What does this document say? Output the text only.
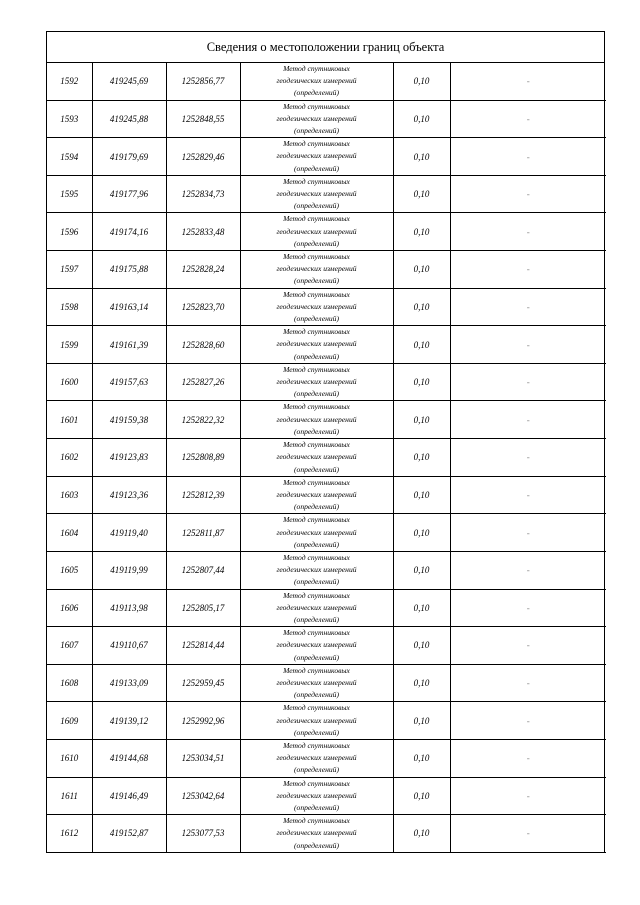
Сведения о местоположении границ объекта
1592	419245,69	1252856,77	Метод спутниковых
геодезических измерений
(определений)	0,10	-
1593	419245,88	1252848,55	Метод спутниковых
геодезических измерений
(определений)	0,10	-
1594	419179,69	1252829,46	Метод спутниковых
геодезических измерений
(определений)	0,10	-
1595	419177,96	1252834,73	Метод спутниковых
геодезических измерений
(определений)	0,10	-
1596	419174,16	1252833,48	Метод спутниковых
геодезических измерений
(определений)	0,10	-
1597	419175,88	1252828,24	Метод спутниковых
геодезических измерений
(определений)	0,10	-
1598	419163,14	1252823,70	Метод спутниковых
геодезических измерений
(определений)	0,10	-
1599	419161,39	1252828,60	Метод спутниковых
геодезических измерений
(определений)	0,10	-
1600	419157,63	1252827,26	Метод спутниковых
геодезических измерений
(определений)	0,10	-
1601	419159,38	1252822,32	Метод спутниковых
геодезических измерений
(определений)	0,10	-
1602	419123,83	1252808,89	Метод спутниковых
геодезических измерений
(определений)	0,10	-
1603	419123,36	1252812,39	Метод спутниковых
геодезических измерений
(определений)	0,10	-
1604	419119,40	1252811,87	Метод спутниковых
геодезических измерений
(определений)	0,10	-
1605	419119,99	1252807,44	Метод спутниковых
геодезических измерений
(определений)	0,10	-
1606	419113,98	1252805,17	Метод спутниковых
геодезических измерений
(определений)	0,10	-
1607	419110,67	1252814,44	Метод спутниковых
геодезических измерений
(определений)	0,10	-
1608	419133,09	1252959,45	Метод спутниковых
геодезических измерений
(определений)	0,10	-
1609	419139,12	1252992,96	Метод спутниковых
геодезических измерений
(определений)	0,10	-
1610	419144,68	1253034,51	Метод спутниковых
геодезических измерений
(определений)	0,10	-
1611	419146,49	1253042,64	Метод спутниковых
геодезических измерений
(определений)	0,10	-
1612	419152,87	1253077,53	Метод спутниковых
геодезических измерений
(определений)	0,10	-
